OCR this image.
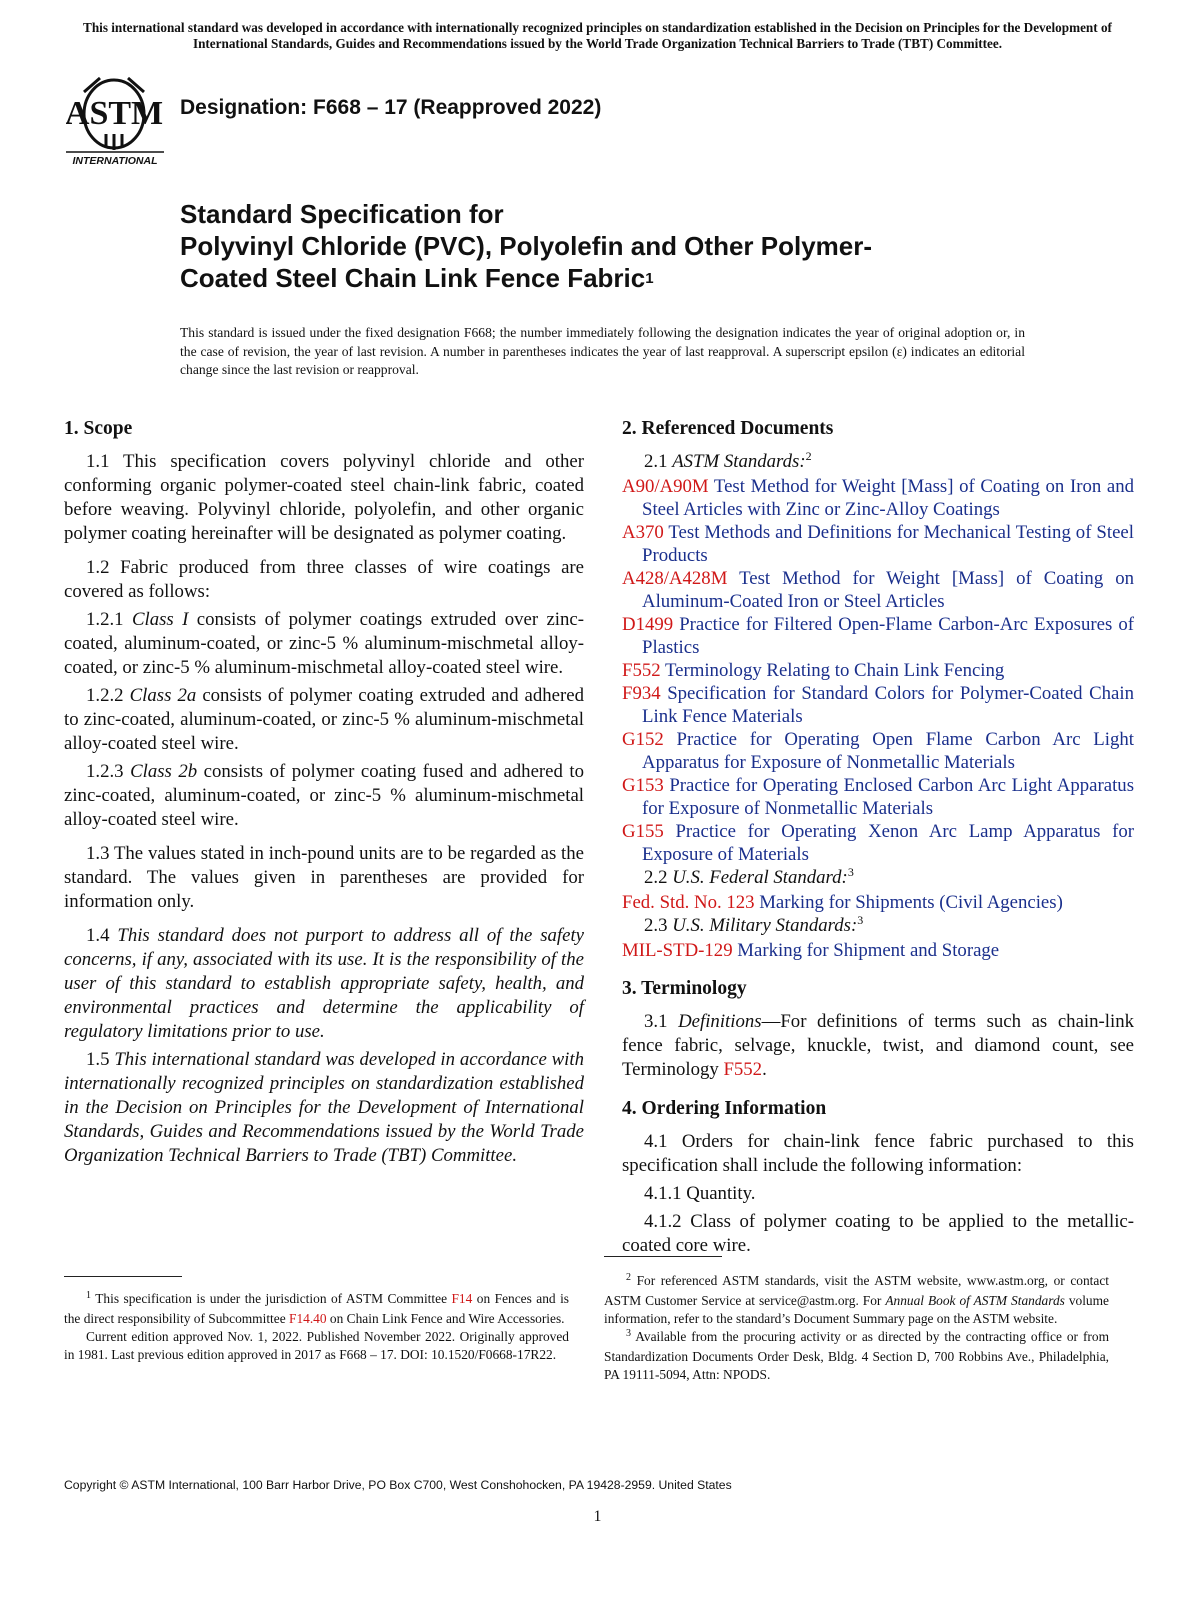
This international standard was developed in accordance with internationally recognized principles on standardization established in the Decision on Principles for the Development of International Standards, Guides and Recommendations issued by the World Trade Organization Technical Barriers to Trade (TBT) Committee.
ASTM
INTERNATIONAL
Designation: F668 – 17 (Reapproved 2022)
Standard Specification for
Polyvinyl Chloride (PVC), Polyolefin and Other Polymer-
Coated Steel Chain Link Fence Fabric$^1$
This standard is issued under the fixed designation F668; the number immediately following the designation indicates the year of original adoption or, in the case of revision, the year of last revision. A number in parentheses indicates the year of last reapproval. A superscript epsilon (ε) indicates an editorial change since the last revision or reapproval.
1. Scope
1.1 This specification covers polyvinyl chloride and other conforming organic polymer-coated steel chain-link fabric, coated before weaving. Polyvinyl chloride, polyolefin, and other organic polymer coating hereinafter will be designated as polymer coating.
1.2 Fabric produced from three classes of wire coatings are covered as follows:
1.2.1 Class I consists of polymer coatings extruded over zinc-coated, aluminum-coated, or zinc-5 % aluminum-mischmetal alloy-coated, or zinc-5 % aluminum-mischmetal alloy-coated steel wire.
1.2.2 Class 2a consists of polymer coating extruded and adhered to zinc-coated, aluminum-coated, or zinc-5 % aluminum-mischmetal alloy-coated steel wire.
1.2.3 Class 2b consists of polymer coating fused and adhered to zinc-coated, aluminum-coated, or zinc-5 % aluminum-mischmetal alloy-coated steel wire.
1.3 The values stated in inch-pound units are to be regarded as the standard. The values given in parentheses are provided for information only.
1.4 This standard does not purport to address all of the safety concerns, if any, associated with its use. It is the responsibility of the user of this standard to establish appropriate safety, health, and environmental practices and determine the applicability of regulatory limitations prior to use.
1.5 This international standard was developed in accordance with internationally recognized principles on standardization established in the Decision on Principles for the Development of International Standards, Guides and Recommendations issued by the World Trade Organization Technical Barriers to Trade (TBT) Committee.
2. Referenced Documents
2.1 ASTM Standards:$^2$
A90/A90M Test Method for Weight [Mass] of Coating on Iron and Steel Articles with Zinc or Zinc-Alloy Coatings
A370 Test Methods and Definitions for Mechanical Testing of Steel Products
A428/A428M Test Method for Weight [Mass] of Coating on Aluminum-Coated Iron or Steel Articles
D1499 Practice for Filtered Open-Flame Carbon-Arc Exposures of Plastics
F552 Terminology Relating to Chain Link Fencing
F934 Specification for Standard Colors for Polymer-Coated Chain Link Fence Materials
G152 Practice for Operating Open Flame Carbon Arc Light Apparatus for Exposure of Nonmetallic Materials
G153 Practice for Operating Enclosed Carbon Arc Light Apparatus for Exposure of Nonmetallic Materials
G155 Practice for Operating Xenon Arc Lamp Apparatus for Exposure of Materials
2.2 U.S. Federal Standard:$^3$
Fed. Std. No. 123 Marking for Shipments (Civil Agencies)
2.3 U.S. Military Standards:$^3$
MIL-STD-129 Marking for Shipment and Storage
3. Terminology
3.1 Definitions—For definitions of terms such as chain-link fence fabric, selvage, knuckle, twist, and diamond count, see Terminology F552.
4. Ordering Information
4.1 Orders for chain-link fence fabric purchased to this specification shall include the following information:
4.1.1 Quantity.
4.1.2 Class of polymer coating to be applied to the metallic-coated core wire.

$^1$ This specification is under the jurisdiction of ASTM Committee F14 on Fences and is the direct responsibility of Subcommittee F14.40 on Chain Link Fence and Wire Accessories.

Current edition approved Nov. 1, 2022. Published November 2022. Originally approved in 1981. Last previous edition approved in 2017 as F668 – 17. DOI: 10.1520/F0668-17R22.

$^2$ For referenced ASTM standards, visit the ASTM website, www.astm.org, or contact ASTM Customer Service at service@astm.org. For Annual Book of ASTM Standards volume information, refer to the standard’s Document Summary page on the ASTM website.

$^3$ Available from the procuring activity or as directed by the contracting office or from Standardization Documents Order Desk, Bldg. 4 Section D, 700 Robbins Ave., Philadelphia, PA 19111-5094, Attn: NPODS.

Copyright © ASTM International, 100 Barr Harbor Drive, PO Box C700, West Conshohocken, PA 19428-2959. United States
1
